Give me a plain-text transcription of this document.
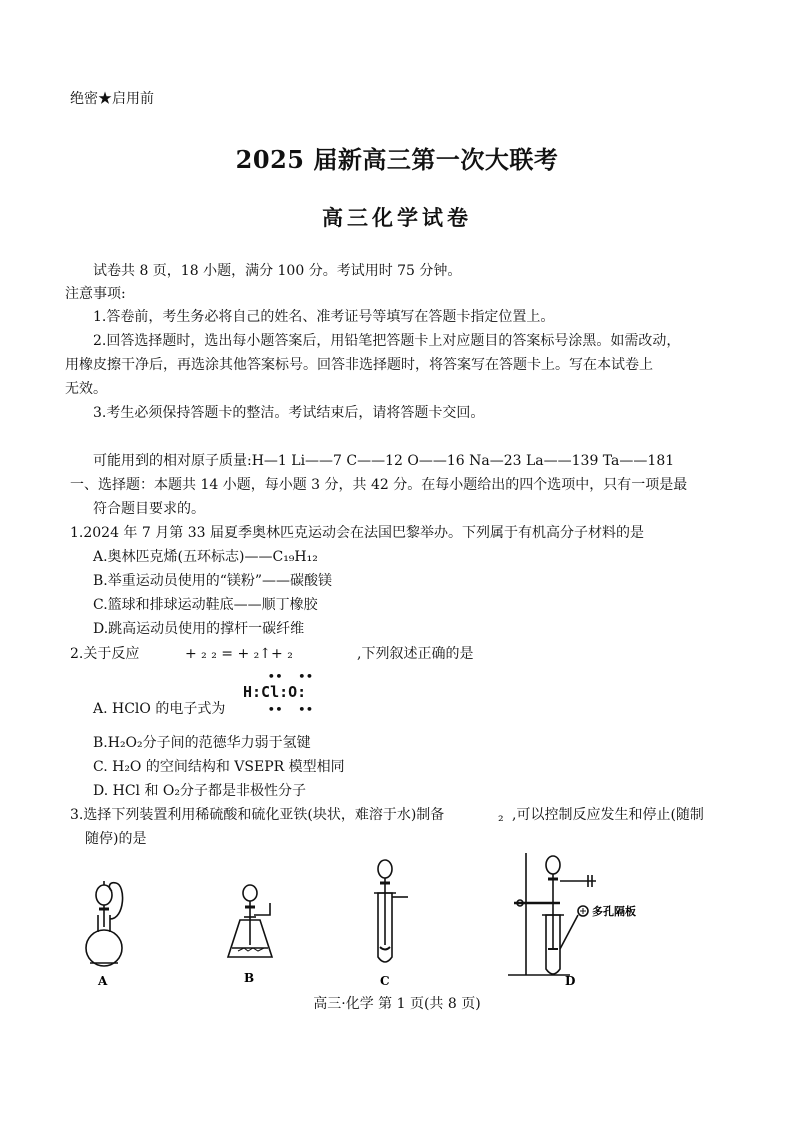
绝密★启用前
2025 届新高三第一次大联考
高三化学试卷
试卷共 8 页，18 小题，满分 100 分。考试用时 75 分钟。
注意事项:
1.答卷前，考生务必将自己的姓名、准考证号等填写在答题卡指定位置上。
2.回答选择题时，选出每小题答案后，用铅笔把答题卡上对应题目的答案标号涂黑。如需改动，
用橡皮擦干净后，再选涂其他答案标号。回答非选择题时，将答案写在答题卡上。写在本试卷上
无效。
3.考生必须保持答题卡的整洁。考试结束后，请将答题卡交回。
可能用到的相对原子质量:H—1 Li——7 C——12 O——16 Na—23 La——139 Ta——181
一、选择题：本题共 14 小题，每小题 3 分，共 42 分。在每小题给出的四个选项中，只有一项是最
符合题目要求的。
1.2024 年 7 月第 33 届夏季奥林匹克运动会在法国巴黎举办。下列属于有机高分子材料的是
A.奥林匹克烯(五环标志)——C₁₉H₁₂
B.举重运动员使用的“镁粉”——碳酸镁
C.篮球和排球运动鞋底——顺丁橡胶
D.跳高运动员使用的撑杆一碳纤维
2.关于反应	+ ₂ ₂ = + ₂↑+ ₂	,下列叙述正确的是
A. HClO 的电子式为
••  ••
H:Cl:O:
••  ••
B.H₂O₂分子间的范德华力弱于氢键
C. H₂O 的空间结构和 VSEPR 模型相同
D. HCl 和 O₂分子都是非极性分子
3.选择下列装置利用稀硫酸和硫化亚铁(块状，难溶于水)制备	₂ ,可以控制反应发生和停止(随制
随停)的是
A	B	C	D
多孔隔板
高三·化学 第 1 页(共 8 页)
